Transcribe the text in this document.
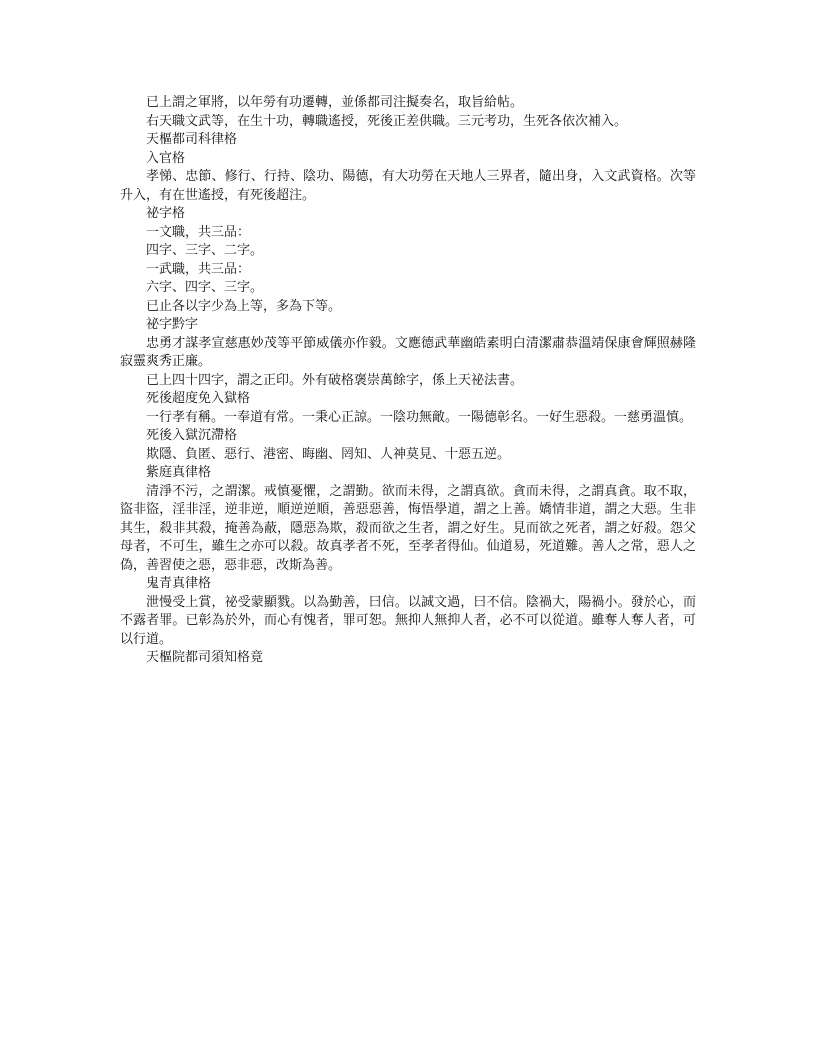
已上謂之軍將，以年勞有功遷轉，並係都司注擬奏名，取旨給帖。

右天職文武等，在生十功，轉職遙授，死後正差供職。三元考功，生死各依次補入。

天樞都司科律格

入官格

孝悌、忠節、修行、行持、陰功、陽德，有大功勞在天地人三界者，隨出身，入文武資格。次等升入，有在世遙授，有死後超注。

祕字格

一文職，共三品：

四字、三字、二字。

一武職，共三品：

六字、四字、三字。

已止各以字少為上等，多為下等。

祕字黔字

忠勇才謀孝宣慈惠妙茂等平節威儀亦作毅。文應德武華幽皓素明白清潔肅恭溫靖保康會輝照赫隆寂靈爽秀正廉。

已上四十四字，謂之正印。外有破格褒崇萬餘字，係上天祕法書。

死後超度免入獄格

一行孝有稱。一奉道有常。一秉心正諒。一陰功無敵。一陽德彰名。一好生惡殺。一慈勇溫慎。

死後入獄沉滯格

欺隱、負匿、惡行、港密、晦幽、罔知、人神莫見、十惡五逆。

紫庭真律格

清淨不污，之謂潔。戒慎憂懼，之謂勤。欲而未得，之謂真欲。貪而未得，之謂真貪。取不取，盜非盜，淫非淫，逆非逆，順逆逆順，善惡惡善，悔悟學道，謂之上善。嬌情非道，謂之大惡。生非其生，殺非其殺，掩善為蔽，隱惡為欺，殺而欲之生者，謂之好生。見而欲之死者，謂之好殺。怨父母者，不可生，雖生之亦可以殺。故真孝者不死，至孝者得仙。仙道易，死道難。善人之常，惡人之偽，善習使之惡，惡非惡，改斯為善。

鬼青真律格

泄慢受上賞，祕受蒙顯戮。以為勤善，曰信。以誠文過，曰不信。陰禍大，陽禍小。發於心，而不露者罪。已彰為於外，而心有愧者，罪可恕。無抑人無抑人者，必不可以從道。雖奪人奪人者，可以行道。

天樞院都司須知格竟
